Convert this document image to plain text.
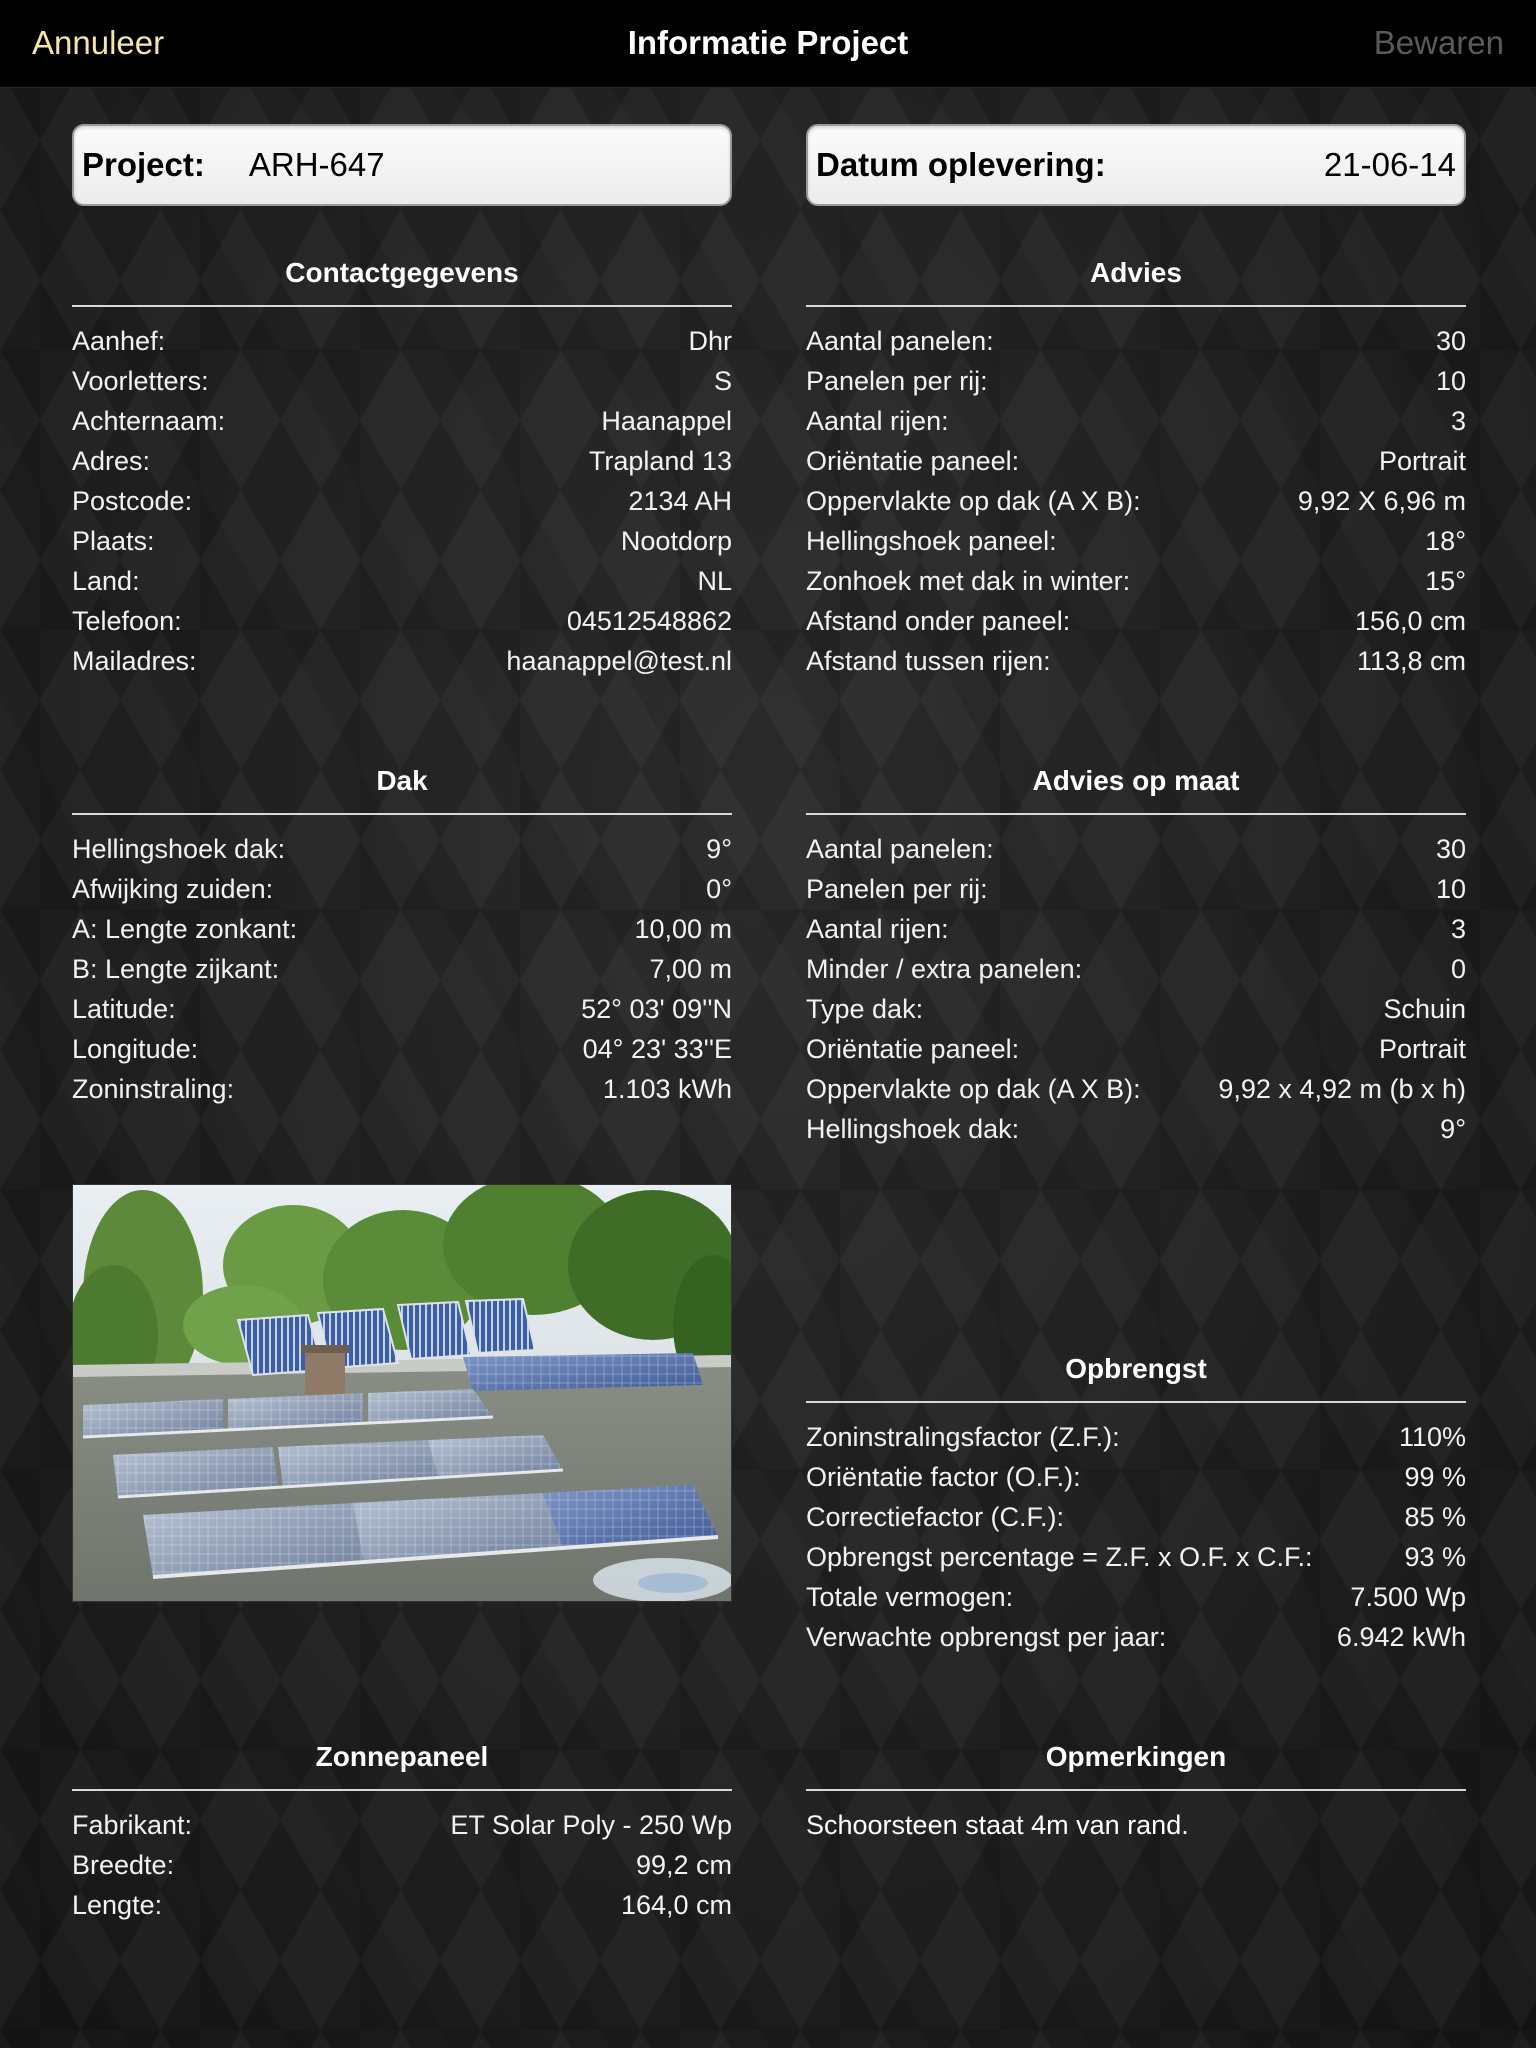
Annuleer	Informatie Project	Bewaren
Project: ARH-647	Datum oplevering:	21-06-14
Contactgegevens
Aanhef:	Dhr
Voorletters:	S
Achternaam:	Haanappel
Adres:	Trapland 13
Postcode:	2134 AH
Plaats:	Nootdorp
Land:	NL
Telefoon:	04512548862
Mailadres:	haanappel@test.nl
Advies
Aantal panelen:	30
Panelen per rij:	10
Aantal rijen:	3
Oriëntatie paneel:	Portrait
Oppervlakte op dak (A X B):	9,92 X 6,96 m
Hellingshoek paneel:	18°
Zonhoek met dak in winter:	15°
Afstand onder paneel:	156,0 cm
Afstand tussen rijen:	113,8 cm
Dak
Hellingshoek dak:	9°
Afwijking zuiden:	0°
A: Lengte zonkant:	10,00 m
B: Lengte zijkant:	7,00 m
Latitude:	52° 03' 09''N
Longitude:	04° 23' 33''E
Zoninstraling:	1.103 kWh
Advies op maat
Aantal panelen:	30
Panelen per rij:	10
Aantal rijen:	3
Minder / extra panelen:	0
Type dak:	Schuin
Oriëntatie paneel:	Portrait
Oppervlakte op dak (A X B):	9,92 x 4,92 m (b x h)
Hellingshoek dak:	9°
Opbrengst
Zoninstralingsfactor (Z.F.):	110%
Oriëntatie factor (O.F.):	99 %
Correctiefactor (C.F.):	85 %
Opbrengst percentage = Z.F. x O.F. x C.F.:	93 %
Totale vermogen:	7.500 Wp
Verwachte opbrengst per jaar:	6.942 kWh
Zonnepaneel
Fabrikant:	ET Solar Poly - 250 Wp
Breedte:	99,2 cm
Lengte:	164,0 cm
Opmerkingen
Schoorsteen staat 4m van rand.
